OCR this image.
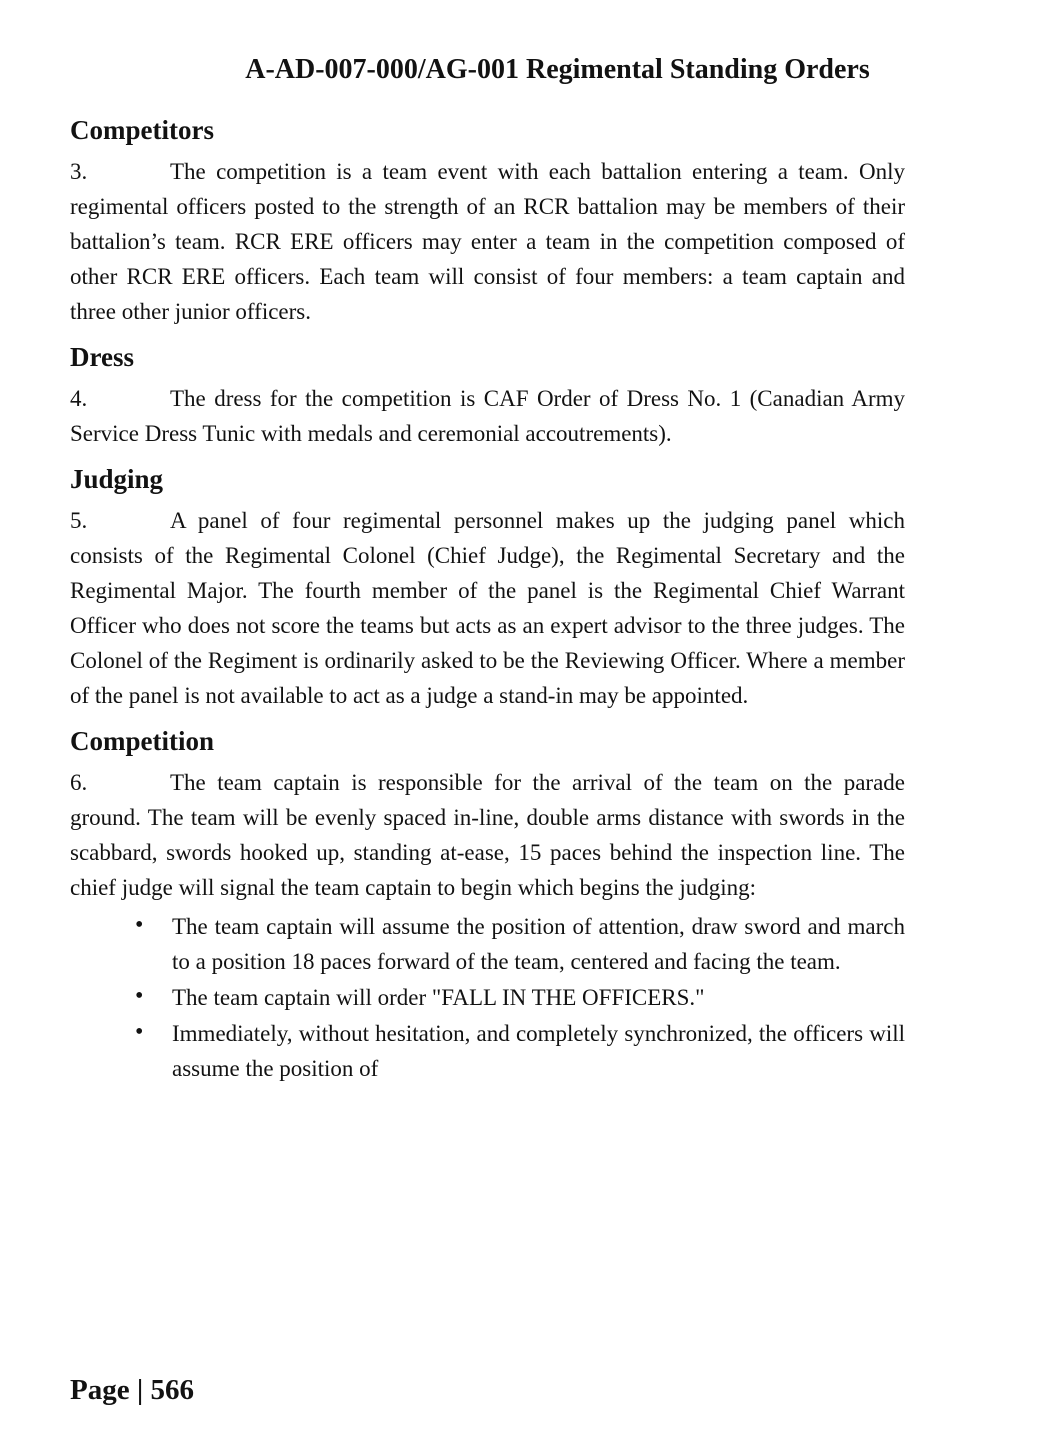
A-AD-007-000/AG-001 Regimental Standing Orders
Competitors

3.	The competition is a team event with each battalion entering a team. Only regimental officers posted to the strength of an RCR battalion may be members of their battalion’s team. RCR ERE officers may enter a team in the competition composed of other RCR ERE officers. Each team will consist of four members: a team captain and three other junior officers.

Dress

4.	The dress for the competition is CAF Order of Dress No. 1 (Canadian Army Service Dress Tunic with medals and ceremonial accoutrements).

Judging

5.	A panel of four regimental personnel makes up the judging panel which consists of the Regimental Colonel (Chief Judge), the Regimental Secretary and the Regimental Major. The fourth member of the panel is the Regimental Chief Warrant Officer who does not score the teams but acts as an expert advisor to the three judges. The Colonel of the Regiment is ordinarily asked to be the Reviewing Officer. Where a member of the panel is not available to act as a judge a stand-in may be appointed.

Competition

6.	The team captain is responsible for the arrival of the team on the parade ground. The team will be evenly spaced in-line, double arms distance with swords in the scabbard, swords hooked up, standing at-ease, 15 paces behind the inspection line. The chief judge will signal the team captain to begin which begins the judging:

• The team captain will assume the position of attention, draw sword and march to a position 18 paces forward of the team, centered and facing the team.
• The team captain will order "FALL IN THE OFFICERS."
• Immediately, without hesitation, and completely synchronized, the officers will assume the position of
Page | 566
